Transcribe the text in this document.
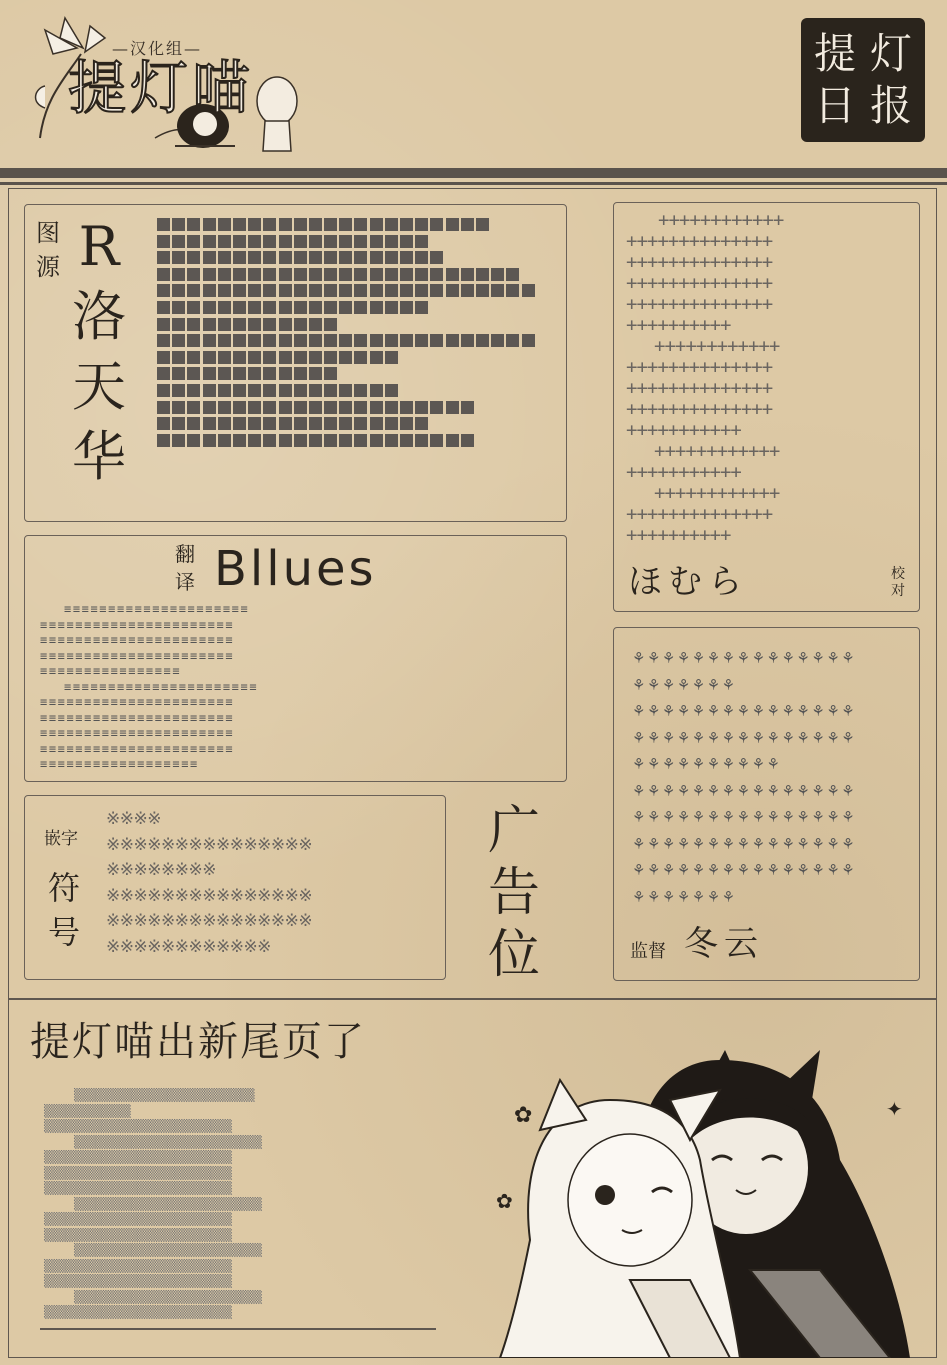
—汉化组—
提灯喵
提 灯
日 报
图源 R
洛
天
华
翻
译 Bllues
≡≡≡≡≡≡≡≡≡≡≡≡≡≡≡≡≡≡≡≡≡
≡≡≡≡≡≡≡≡≡≡≡≡≡≡≡≡≡≡≡≡≡≡
≡≡≡≡≡≡≡≡≡≡≡≡≡≡≡≡≡≡≡≡≡≡
≡≡≡≡≡≡≡≡≡≡≡≡≡≡≡≡≡≡≡≡≡≡
≡≡≡≡≡≡≡≡≡≡≡≡≡≡≡≡
≡≡≡≡≡≡≡≡≡≡≡≡≡≡≡≡≡≡≡≡≡≡
≡≡≡≡≡≡≡≡≡≡≡≡≡≡≡≡≡≡≡≡≡≡
≡≡≡≡≡≡≡≡≡≡≡≡≡≡≡≡≡≡≡≡≡≡
≡≡≡≡≡≡≡≡≡≡≡≡≡≡≡≡≡≡≡≡≡≡
≡≡≡≡≡≡≡≡≡≡≡≡≡≡≡≡≡≡≡≡≡≡
≡≡≡≡≡≡≡≡≡≡≡≡≡≡≡≡≡≡
++++++++++++
++++++++++++++
++++++++++++++
++++++++++++++
++++++++++++++
++++++++++
++++++++++++
++++++++++++++
++++++++++++++
++++++++++++++
+++++++++++
++++++++++++
+++++++++++
++++++++++++
++++++++++++++
++++++++++
ほむら	校
对
⚘⚘⚘⚘⚘⚘⚘⚘⚘⚘⚘⚘⚘⚘⚘
⚘⚘⚘⚘⚘⚘⚘
⚘⚘⚘⚘⚘⚘⚘⚘⚘⚘⚘⚘⚘⚘⚘
⚘⚘⚘⚘⚘⚘⚘⚘⚘⚘⚘⚘⚘⚘⚘
⚘⚘⚘⚘⚘⚘⚘⚘⚘⚘
⚘⚘⚘⚘⚘⚘⚘⚘⚘⚘⚘⚘⚘⚘⚘
⚘⚘⚘⚘⚘⚘⚘⚘⚘⚘⚘⚘⚘⚘⚘
⚘⚘⚘⚘⚘⚘⚘⚘⚘⚘⚘⚘⚘⚘⚘
⚘⚘⚘⚘⚘⚘⚘⚘⚘⚘⚘⚘⚘⚘⚘
⚘⚘⚘⚘⚘⚘⚘
监督 冬云
嵌字
符
号
※※※※
※※※※※※※※※※※※※※※
※※※※※※※※
※※※※※※※※※※※※※※※
※※※※※※※※※※※※※※※
※※※※※※※※※※※※
广
告
位
提灯喵出新尾页了
▒▒▒▒▒▒▒▒▒▒▒▒▒▒▒▒▒▒▒▒▒▒▒▒▒
▒▒▒▒▒▒▒▒▒▒▒▒
▒▒▒▒▒▒▒▒▒▒▒▒▒▒▒▒▒▒▒▒▒▒▒▒▒▒
▒▒▒▒▒▒▒▒▒▒▒▒▒▒▒▒▒▒▒▒▒▒▒▒▒▒
▒▒▒▒▒▒▒▒▒▒▒▒▒▒▒▒▒▒▒▒▒▒▒▒▒▒
▒▒▒▒▒▒▒▒▒▒▒▒▒▒▒▒▒▒▒▒▒▒▒▒▒▒
▒▒▒▒▒▒▒▒▒▒▒▒▒▒▒▒▒▒▒▒▒▒▒▒▒▒
▒▒▒▒▒▒▒▒▒▒▒▒▒▒▒▒▒▒▒▒▒▒▒▒▒▒
▒▒▒▒▒▒▒▒▒▒▒▒▒▒▒▒▒▒▒▒▒▒▒▒▒▒
▒▒▒▒▒▒▒▒▒▒▒▒▒▒▒▒▒▒▒▒▒▒▒▒▒▒
▒▒▒▒▒▒▒▒▒▒▒▒▒▒▒▒▒▒▒▒▒▒▒▒▒▒
▒▒▒▒▒▒▒▒▒▒▒▒▒▒▒▒▒▒▒▒▒▒▒▒▒▒
▒▒▒▒▒▒▒▒▒▒▒▒▒▒▒▒▒▒▒▒▒▒▒▒▒▒
▒▒▒▒▒▒▒▒▒▒▒▒▒▒▒▒▒▒▒▒▒▒▒▒▒▒
▒▒▒▒▒▒▒▒▒▒▒▒▒▒▒▒▒▒▒▒▒▒▒▒▒▒
✦
✿
✿
